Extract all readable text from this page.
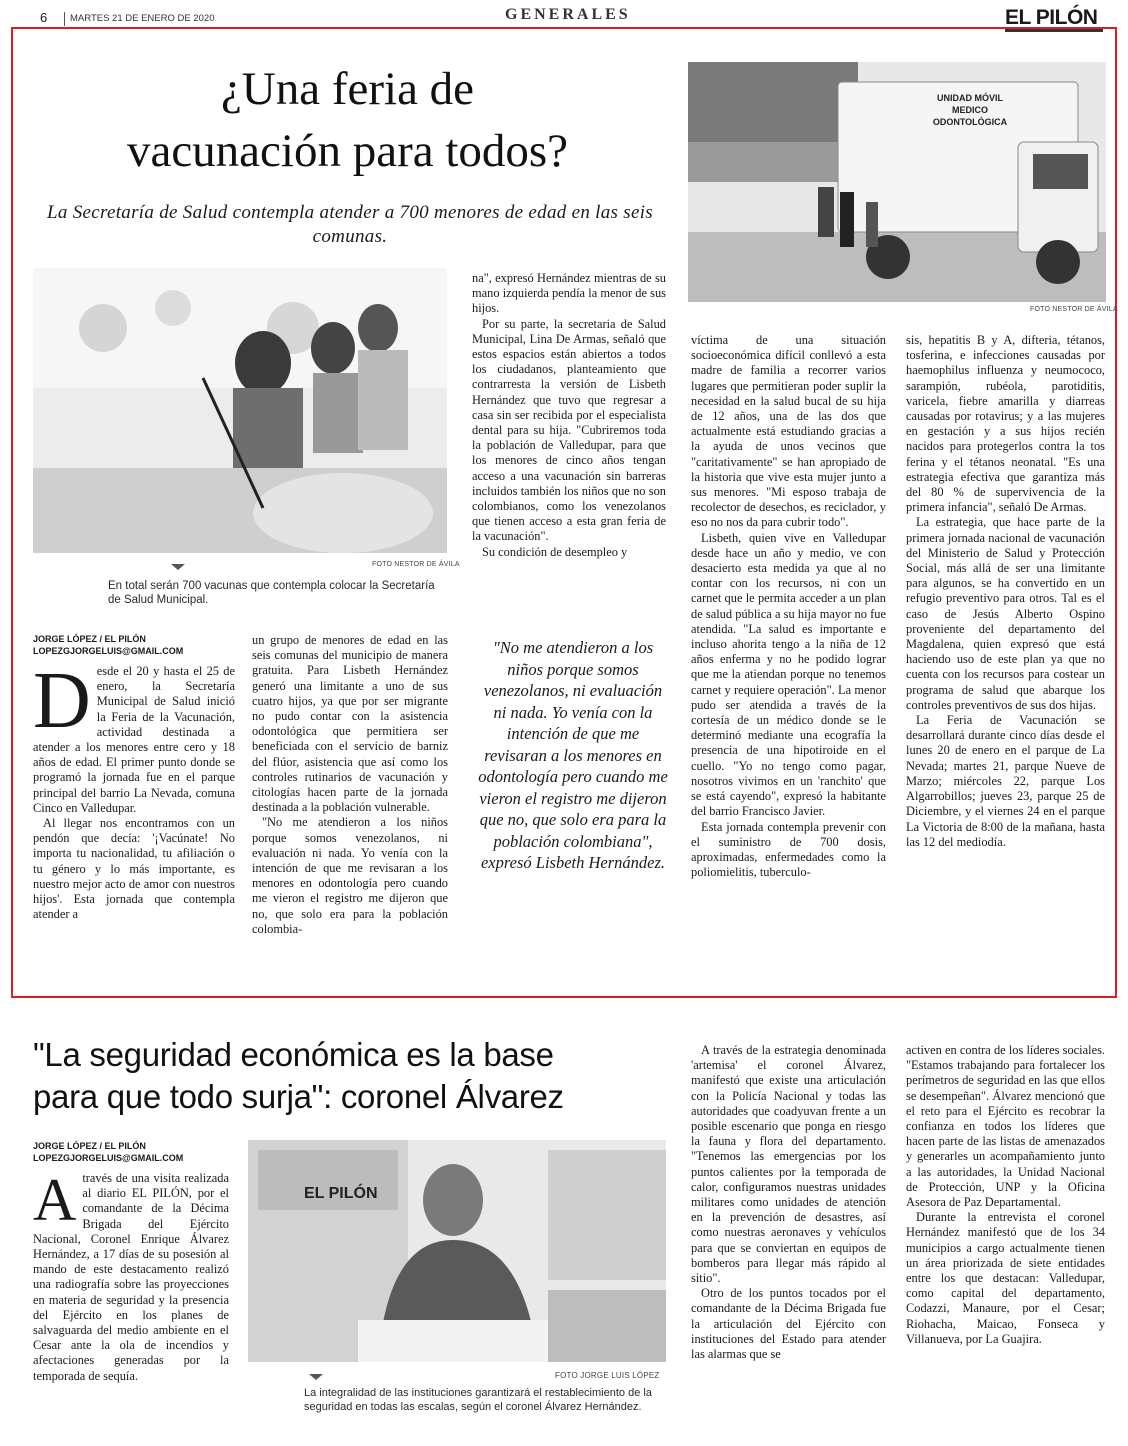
6 MARTES 21 DE ENERO DE 2020	GENERALES	EL PILÓN
¿Una feria de
vacunación para todos?
La Secretaría de Salud contempla atender a 700 menores de edad en las seis comunas.
UNIDAD MÓVIL
MEDICO
ODONTOLÓGICA
FOTO NESTOR DE ÁVILA
FOTO NESTOR DE ÁVILA
En total serán 700 vacunas que contempla colocar la Secretaría de Salud Municipal.
JORGE LÓPEZ / EL PILÓN
LOPEZGJORGELUIS@GMAIL.COM

Desde el 20 y hasta el 25 de enero, la Secretaría Municipal de Salud inició la Feria de la Vacunación, actividad destinada a atender a los menores entre cero y 18 años de edad. El primer punto donde se programó la jornada fue en el parque principal del barrio La Nevada, comuna Cinco en Valledupar.

Al llegar nos encontramos con un pendón que decía: '¡Vacúnate! No importa tu nacionalidad, tu afiliación o tu género y lo más importante, es nuestro mejor acto de amor con nuestros hijos'. Esta jornada que contempla atender a

un grupo de menores de edad en las seis comunas del municipio de manera gratuita. Para Lisbeth Hernández generó una limitante a uno de sus cuatro hijos, ya que por ser migrante no pudo contar con la asistencia odontológica que permitiera ser beneficiada con el servicio de barniz del flúor, asistencia que así como los controles rutinarios de vacunación y citologías hacen parte de la jornada destinada a la población vulnerable.

"No me atendieron a los niños porque somos venezolanos, ni evaluación ni nada. Yo venía con la intención de que me revisaran a los menores en odontología pero cuando me vieron el registro me dijeron que no, que solo era para la población colombia-

na", expresó Hernández mientras de su mano izquierda pendía la menor de sus hijos.

Por su parte, la secretaria de Salud Municipal, Lina De Armas, señaló que estos espacios están abiertos a todos los ciudadanos, planteamiento que contrarresta la versión de Lisbeth Hernández que tuvo que regresar a casa sin ser recibida por el especialista dental para su hija. "Cubriremos toda la población de Valledupar, para que los menores de cinco años tengan acceso a una vacunación sin barreras incluidos también los niños que no son colombianos, como los venezolanos que tienen acceso a esta gran feria de la vacunación".

Su condición de desempleo y

"No me atendieron a los niños porque somos venezolanos, ni evaluación ni nada. Yo venía con la intención de que me revisaran a los menores en odontología pero cuando me vieron el registro me dijeron que no, que solo era para la población colombiana", expresó Lisbeth Hernández.

víctima de una situación socioeconómica difícil conllevó a esta madre de familia a recorrer varios lugares que permitieran poder suplir la necesidad en la salud bucal de su hija de 12 años, una de las dos que actualmente está estudiando gracias a la ayuda de unos vecinos que "caritativamente" se han apropiado de la historia que vive esta mujer junto a sus menores. "Mi esposo trabaja de recolector de desechos, es reciclador, y eso no nos da para cubrir todo".

Lisbeth, quien vive en Valledupar desde hace un año y medio, ve con desacierto esta medida ya que al no contar con los recursos, ni con un carnet que le permita acceder a un plan de salud pública a su hija mayor no fue atendida. "La salud es importante e incluso ahorita tengo a la niña de 12 años enferma y no he podido lograr que me la atiendan porque no tenemos carnet y requiere operación". La menor pudo ser atendida a través de la cortesía de un médico donde se le determinó mediante una ecografía la presencia de una hipotiroide en el cuello. "Yo no tengo como pagar, nosotros vivimos en un 'ranchito' que se está cayendo", expresó la habitante del barrio Francisco Javier.

Esta jornada contempla prevenir con el suministro de 700 dosis, aproximadas, enfermedades como la poliomielitis, tuberculo-

sis, hepatitis B y A, difteria, tétanos, tosferina, e infecciones causadas por haemophilus influenza y neumococo, sarampión, rubéola, parotiditis, varicela, fiebre amarilla y diarreas causadas por rotavirus; y a las mujeres en gestación y a sus hijos recién nacidos para protegerlos contra la tos ferina y el tétanos neonatal. "Es una estrategia efectiva que garantiza más del 80 % de supervivencia de la primera infancia", señaló De Armas.

La estrategia, que hace parte de la primera jornada nacional de vacunación del Ministerio de Salud y Protección Social, más allá de ser una limitante para algunos, se ha convertido en un refugio preventivo para otros. Tal es el caso de Jesús Alberto Ospino proveniente del departamento del Magdalena, quien expresó que está haciendo uso de este plan ya que no cuenta con los recursos para costear un programa de salud que abarque los controles preventivos de sus dos hijas.

La Feria de Vacunación se desarrollará durante cinco días desde el lunes 20 de enero en el parque de La Nevada; martes 21, parque Nueve de Marzo; miércoles 22, parque Los Algarrobillos; jueves 23, parque 25 de Diciembre, y el viernes 24 en el parque La Victoria de 8:00 de la mañana, hasta las 12 del mediodía.

"La seguridad económica es la base
para que todo surja": coronel Álvarez
JORGE LÓPEZ / EL PILÓN
LOPEZGJORGELUIS@GMAIL.COM

Através de una visita realizada al diario EL PILÓN, por el comandante de la Décima Brigada del Ejército Nacional, Coronel Enrique Álvarez Hernández, a 17 días de su posesión al mando de este destacamento realizó una radiografía sobre las proyecciones en materia de seguridad y la presencia del Ejército en los planes de salvaguarda del medio ambiente en el Cesar ante la ola de incendios y afectaciones generadas por la temporada de sequía.

EL PILÓN
FOTO JORGE LUIS LÓPEZ
La integralidad de las instituciones garantizará el restablecimiento de la seguridad en todas las escalas, según el coronel Álvarez Hernández.

A través de la estrategia denominada 'artemisa' el coronel Álvarez, manifestó que existe una articulación con la Policía Nacional y todas las autoridades que coadyuvan frente a un posible escenario que ponga en riesgo la fauna y flora del departamento. "Tenemos las emergencias por los puntos calientes por la temporada de calor, configuramos nuestras unidades militares como unidades de atención en la prevención de desastres, así como nuestras aeronaves y vehículos para que se conviertan en equipos de bomberos para llegar más rápido al sitio".

Otro de los puntos tocados por el comandante de la Décima Brigada fue la articulación del Ejército con instituciones del Estado para atender las alarmas que se

activen en contra de los líderes sociales. "Estamos trabajando para fortalecer los perímetros de seguridad en las que ellos se desempeñan". Álvarez mencionó que el reto para el Ejército es recobrar la confianza en todos los líderes que hacen parte de las listas de amenazados y generarles un acompañamiento junto a las autoridades, la Unidad Nacional de Protección, UNP y la Oficina Asesora de Paz Departamental.

Durante la entrevista el coronel Hernández manifestó que de los 34 municipios a cargo actualmente tienen un área priorizada de siete entidades entre los que destacan: Valledupar, como capital del departamento, Codazzi, Manaure, por el Cesar; Riohacha, Maicao, Fonseca y Villanueva, por La Guajira.
